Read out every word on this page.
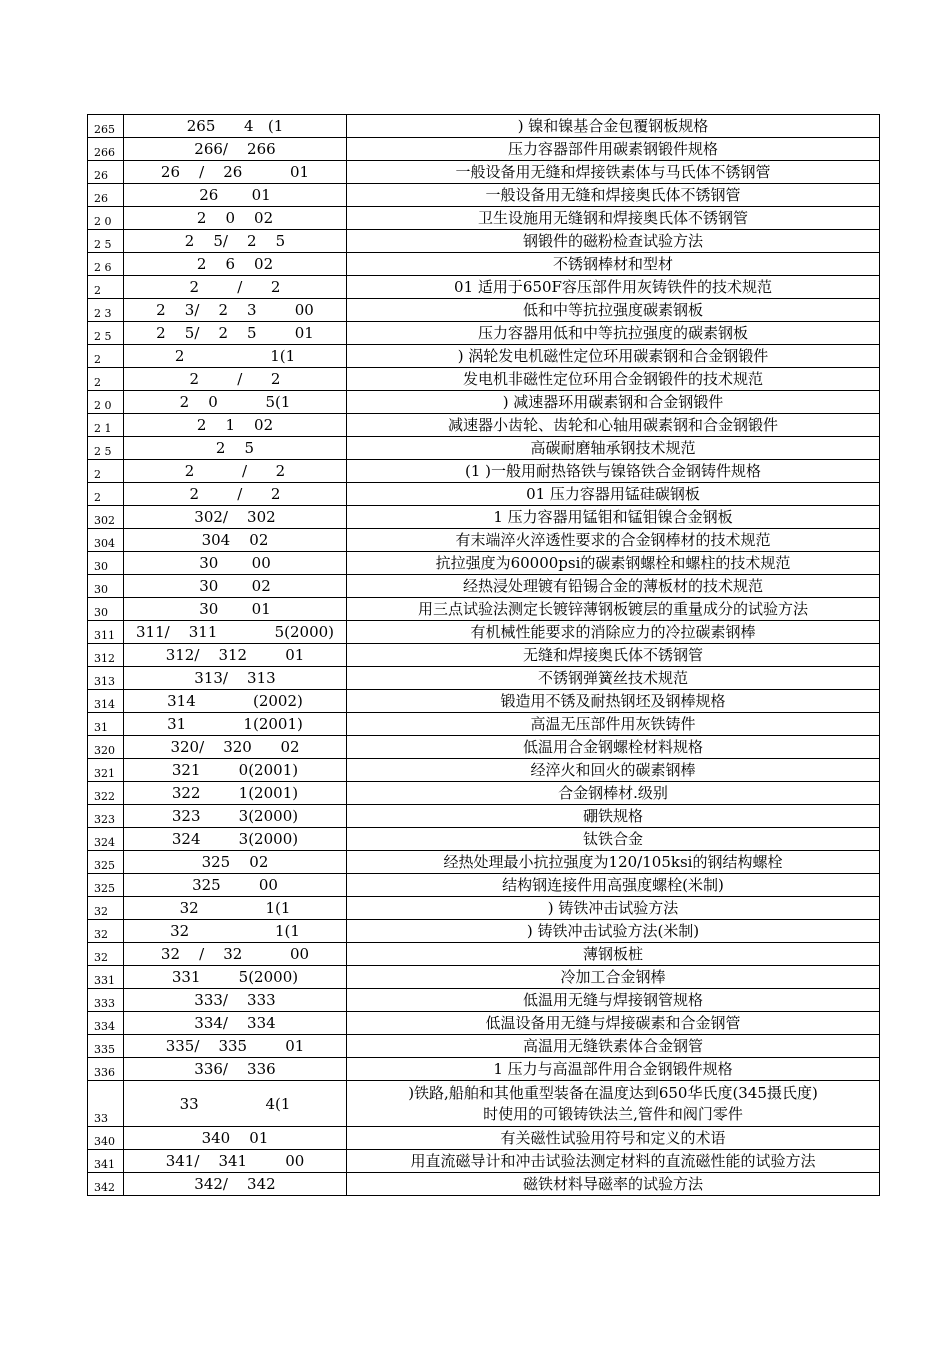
265	265      4   (1	) 镍和镍基合金包覆钢板规格
266	266/    266	压力容器部件用碳素钢锻件规格
26	26    /    26          01	一般设备用无缝和焊接铁素体与马氏体不锈钢管
26	26       01	一般设备用无缝和焊接奥氏体不锈钢管
2 0	2    0    02	卫生设施用无缝钢和焊接奥氏体不锈钢管
2 5	2    5/    2    5	钢锻件的磁粉检查试验方法
2 6	2    6    02	不锈钢棒材和型材
2	2        /      2	01 适用于650F容压部件用灰铸铁件的技术规范
2 3	2    3/    2    3        00	低和中等抗拉强度碳素钢板
2 5	2    5/    2    5        01	压力容器用低和中等抗拉强度的碳素钢板
2	2                  1(1	) 涡轮发电机磁性定位环用碳素钢和合金钢锻件
2	2        /      2	发电机非磁性定位环用合金钢锻件的技术规范
2 0	2    0          5(1	) 减速器环用碳素钢和合金钢锻件
2 1	2    1    02	减速器小齿轮、齿轮和心轴用碳素钢和合金钢锻件
2 5	2    5	高碳耐磨轴承钢技术规范
2	2          /      2	(1 )一般用耐热铬铁与镍铬铁合金钢铸件规格
2	2        /      2	01 压力容器用锰硅碳钢板
302	302/    302	1 压力容器用锰钼和锰钼镍合金钢板
304	304    02	有末端淬火淬透性要求的合金钢棒材的技术规范
30	30       00	抗拉强度为60000psi的碳素钢螺栓和螺柱的技术规范
30	30       02	经热浸处理镀有铅锡合金的薄板材的技术规范
30	30       01	用三点试验法测定长镀锌薄钢板镀层的重量成分的试验方法
311	311/    311            5(2000)	有机械性能要求的消除应力的冷拉碳素钢棒
312	312/    312        01	无缝和焊接奥氏体不锈钢管
313	313/    313	不锈钢弹簧丝技术规范
314	314            (2002)	锻造用不锈及耐热钢坯及钢棒规格
31	31            1(2001)	高温无压部件用灰铁铸件
320	320/    320      02	低温用合金钢螺栓材料规格
321	321        0(2001)	经淬火和回火的碳素钢棒
322	322        1(2001)	合金钢棒材.级别
323	323        3(2000)	硼铁规格
324	324        3(2000)	钛铁合金
325	325    02	经热处理最小抗拉强度为120/105ksi的钢结构螺栓
325	325        00	结构钢连接件用高强度螺栓(米制)
32	32              1(1	) 铸铁冲击试验方法
32	32                  1(1	) 铸铁冲击试验方法(米制)
32	32    /    32          00	薄钢板桩
331	331        5(2000)	冷加工合金钢棒
333	333/    333	低温用无缝与焊接钢管规格
334	334/    334	低温设备用无缝与焊接碳素和合金钢管
335	335/    335        01	高温用无缝铁素体合金钢管
336	336/    336	1 压力与高温部件用合金钢锻件规格
33	33              4(1	)铁路,船舶和其他重型装备在温度达到650华氏度(345摄氏度)
时使用的可锻铸铁法兰,管件和阀门零件
340	340    01	有关磁性试验用符号和定义的术语
341	341/    341        00	用直流磁导计和冲击试验法测定材料的直流磁性能的试验方法
342	342/    342	磁铁材料导磁率的试验方法
